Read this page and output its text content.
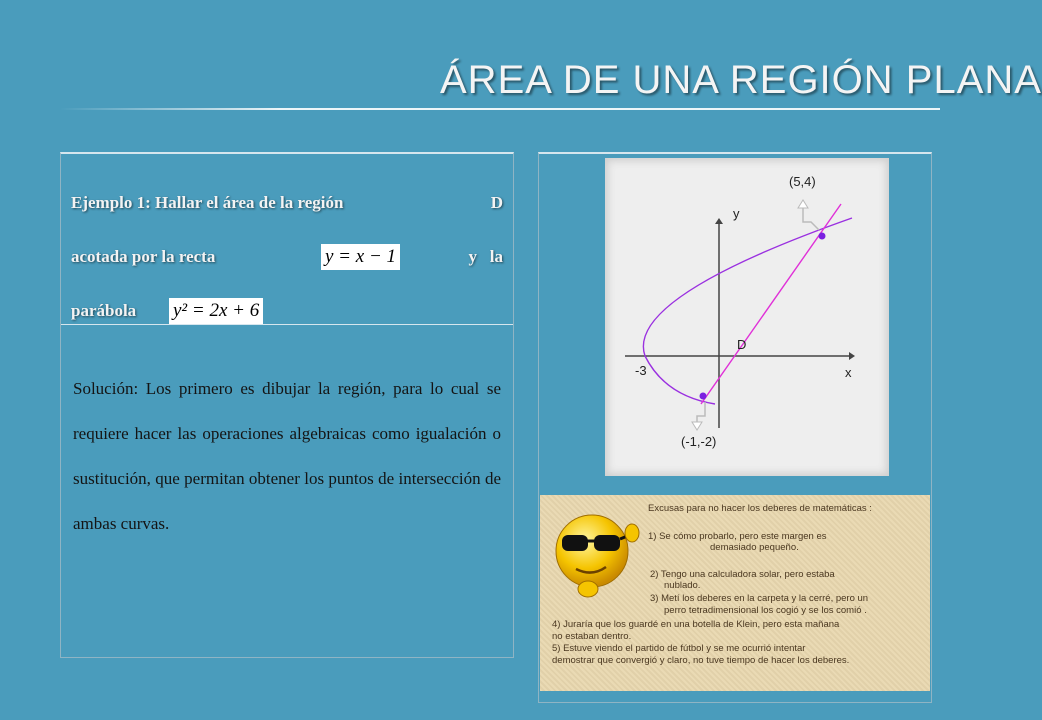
ÁREA DE UNA REGIÓN PLANA
Ejemplo 1: Hallar el área de la región	D
acotada por la recta	y = x − 1	y   la
parábola y² = 2x + 6
Solución: Los primero es dibujar la región, para lo cual se requiere hacer las operaciones algebraicas como igualación o sustitución, que permitan obtener los puntos de intersección de ambas curvas.
(5,4)
y
D
-3	x
(-1,-2)
Excusas para no hacer los deberes de matemáticas :
1) Se cómo probarlo, pero este margen es
demasiado pequeño.
2) Tengo una calculadora solar, pero estaba
nublado.
3) Metí los deberes en la carpeta y la cerré, pero un
perro tetradimensional los cogió y se los comió .
4) Juraría que los guardé en una botella de Klein, pero esta mañana
no estaban dentro.
5) Estuve viendo el partido de fútbol y se me ocurrió intentar
demostrar que convergió y claro, no tuve tiempo de hacer los deberes.
